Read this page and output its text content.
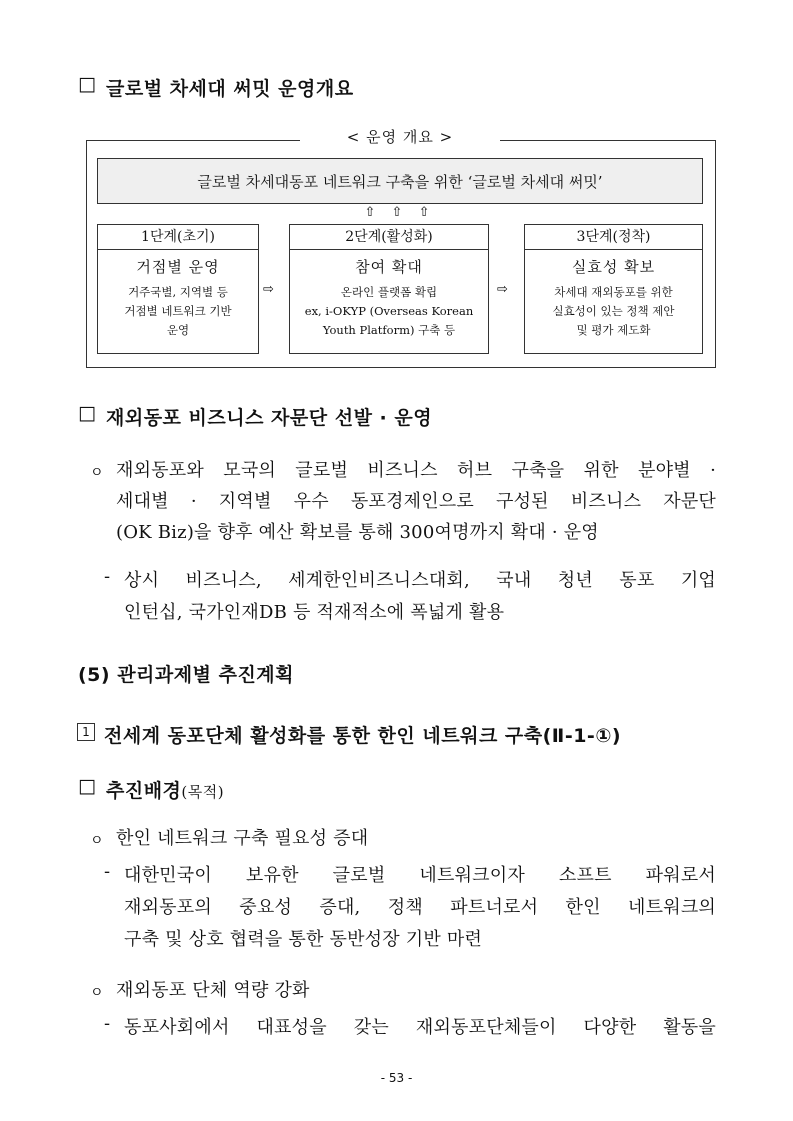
□ 글로벌 차세대 써밋 운영개요
< 운영 개요 >
글로벌 차세대동포 네트워크 구축을 위한 ‘글로벌 차세대 써밋’
⇧ ⇧ ⇧
1단계(초기)
거점별 운영
거주국별, 지역별 등
거점별 네트워크 기반
운영
⇨
2단계(활성화)
참여 확대
온라인 플랫폼 확립
ex, i-OKYP (Overseas Korean
Youth Platform) 구축 등
⇨
3단계(정착)
실효성 확보
차세대 재외동포를 위한
실효성이 있는 정책 제안
및 평가 제도화
□ 재외동포 비즈니스 자문단 선발 · 운영
ㅇ 재외동포와 모국의 글로벌 비즈니스 허브 구축을 위한 분야별 ·
세대별 · 지역별 우수 동포경제인으로 구성된 비즈니스 자문단
(OK Biz)을 향후 예산 확보를 통해 300여명까지 확대 · 운영
- 상시 비즈니스, 세계한인비즈니스대회, 국내 청년 동포 기업
인턴십, 국가인재DB 등 적재적소에 폭넓게 활용
(5) 관리과제별 추진계획
1 전세계 동포단체 활성화를 통한 한인 네트워크 구축(Ⅱ-1-①)
□ 추진배경(목적)
ㅇ 한인 네트워크 구축 필요성 증대
- 대한민국이 보유한 글로벌 네트워크이자 소프트 파워로서
재외동포의 중요성 증대, 정책 파트너로서 한인 네트워크의
구축 및 상호 협력을 통한 동반성장 기반 마련
ㅇ 재외동포 단체 역량 강화
- 동포사회에서 대표성을 갖는 재외동포단체들이 다양한 활동을
- 53 -
